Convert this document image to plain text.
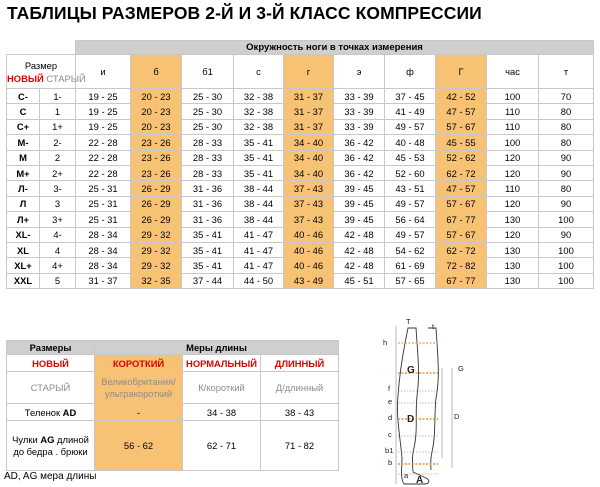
ТАБЛИЦЫ РАЗМЕРОВ 2-Й И 3-Й КЛАСС КОМПРЕССИИ
		Окружность ноги в точках измерения									

Размер
НОВЫЙ СТАРЫЙ		и	б	б1	с	г	э	ф	Г	час	т
С-	1-	19 - 25	20 - 23	25 - 30	32 - 38	31 - 37	33 - 39	37 - 45	42 - 52	100	70
С	1	19 - 25	20 - 23	25 - 30	32 - 38	31 - 37	33 - 39	41 - 49	47 - 57	110	80
С+	1+	19 - 25	20 - 23	25 - 30	32 - 38	31 - 37	33 - 39	49 - 57	57 - 67	110	80
М-	2-	22 - 28	23 - 26	28 - 33	35 - 41	34 - 40	36 - 42	40 - 48	45 - 55	100	80
М	2	22 - 28	23 - 26	28 - 33	35 - 41	34 - 40	36 - 42	45 - 53	52 - 62	120	90
М+	2+	22 - 28	23 - 26	28 - 33	35 - 41	34 - 40	36 - 42	52 - 60	62 - 72	120	90
Л-	3-	25 - 31	26 - 29	31 - 36	38 - 44	37 - 43	39 - 45	43 - 51	47 - 57	110	80
Л	3	25 - 31	26 - 29	31 - 36	38 - 44	37 - 43	39 - 45	49 - 57	57 - 67	120	90
Л+	3+	25 - 31	26 - 29	31 - 36	38 - 44	37 - 43	39 - 45	56 - 64	67 - 77	130	100
XL-	4-	28 - 34	29 - 32	35 - 41	41 - 47	40 - 46	42 - 48	49 - 57	57 - 67	120	90
XL	4	28 - 34	29 - 32	35 - 41	41 - 47	40 - 46	42 - 48	54 - 62	62 - 72	130	100
XL+	4+	28 - 34	29 - 32	35 - 41	41 - 47	40 - 46	42 - 48	61 - 69	72 - 82	130	100
XXL	5	31 - 37	32 - 35	37 - 44	44 - 50	43 - 49	45 - 51	57 - 65	67 - 77	130	100
Размеры	Меры длины		
НОВЫЙ	КОРОТКИЙ	НОРМАЛЬНЫЙ	ДЛИННЫЙ
СТАРЫЙ	Великобритания/ ультракороткий	К/короткий	Д/длинный
Теленок AD	-	34 - 38	38 - 43
Чулки AG длиной до бедра . брюки	56 - 62	62 - 71	71 - 82
AD, AG мера длины
T
h
t
G	G
f
e
d D	D
c
b1
b
a A
